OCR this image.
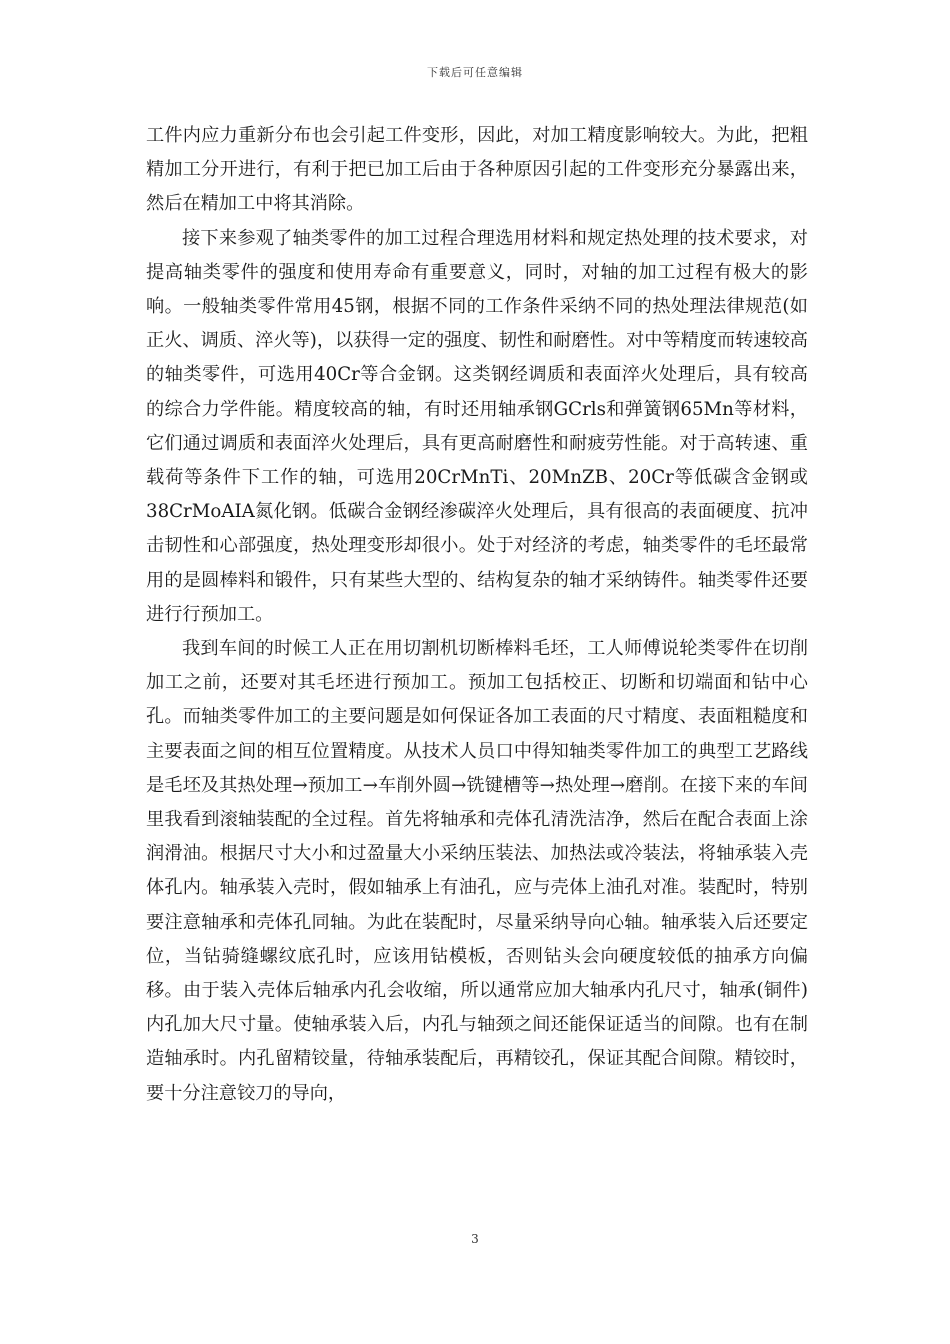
下载后可任意编辑

工件内应力重新分布也会引起工件变形，因此，对加工精度影响较大。为此，把粗精加工分开进行，有利于把已加工后由于各种原因引起的工件变形充分暴露出来，然后在精加工中将其消除。

接下来参观了轴类零件的加工过程合理选用材料和规定热处理的技术要求，对提高轴类零件的强度和使用寿命有重要意义，同时，对轴的加工过程有极大的影响。一般轴类零件常用45钢，根据不同的工作条件采纳不同的热处理法律规范(如正火、调质、淬火等)，以获得一定的强度、韧性和耐磨性。对中等精度而转速较高的轴类零件，可选用40Cr等合金钢。这类钢经调质和表面淬火处理后，具有较高的综合力学件能。精度较高的轴，有时还用轴承钢GCrls和弹簧钢65Mn等材料，它们通过调质和表面淬火处理后，具有更高耐磨性和耐疲劳性能。对于高转速、重载荷等条件下工作的轴，可选用20CrMnTi、20MnZB、20Cr等低碳含金钢或38CrMoAIA氮化钢。低碳合金钢经渗碳淬火处理后，具有很高的表面硬度、抗冲击韧性和心部强度，热处理变形却很小。处于对经济的考虑，轴类零件的毛坯最常用的是圆棒料和锻件，只有某些大型的、结构复杂的轴才采纳铸件。轴类零件还要进行行预加工。

我到车间的时候工人正在用切割机切断棒料毛坯，工人师傅说轮类零件在切削加工之前，还要对其毛坯进行预加工。预加工包括校正、切断和切端面和钻中心孔。而轴类零件加工的主要问题是如何保证各加工表面的尺寸精度、表面粗糙度和主要表面之间的相互位置精度。从技术人员口中得知轴类零件加工的典型工艺路线是毛坯及其热处理→预加工→车削外圆→铣键槽等→热处理→磨削。在接下来的车间里我看到滚轴装配的全过程。首先将轴承和壳体孔清洗洁净，然后在配合表面上涂润滑油。根据尺寸大小和过盈量大小采纳压装法、加热法或冷装法，将轴承装入壳体孔内。轴承装入壳时，假如轴承上有油孔，应与壳体上油孔对准。装配时，特别要注意轴承和壳体孔同轴。为此在装配时，尽量采纳导向心轴。轴承装入后还要定位，当钻骑缝螺纹底孔时，应该用钻模板，否则钻头会向硬度较低的抽承方向偏移。由于装入壳体后轴承内孔会收缩，所以通常应加大轴承内孔尺寸，轴承(铜件)内孔加大尺寸量。使轴承装入后，内孔与轴颈之间还能保证适当的间隙。也有在制造轴承时。内孔留精铰量，待轴承装配后，再精铰孔，保证其配合间隙。精铰时，要十分注意铰刀的导向，

3
